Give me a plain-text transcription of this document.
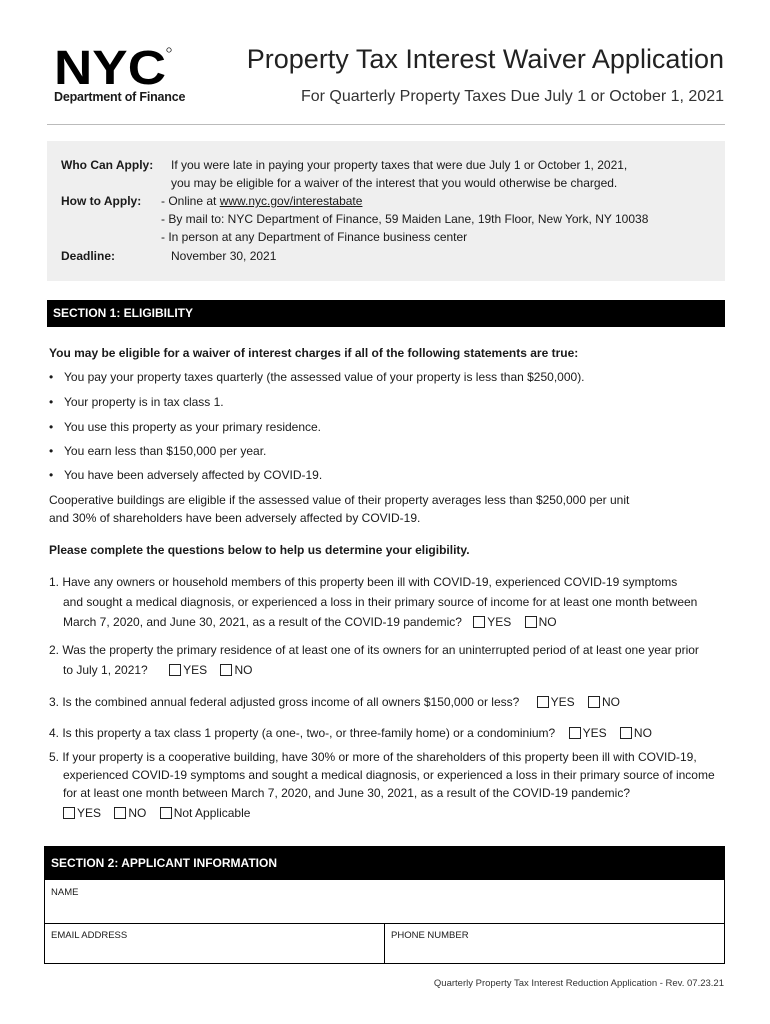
NYC
Department of Finance
Property Tax Interest Waiver Application
For Quarterly Property Taxes Due July 1 or October 1, 2021
Who Can Apply: If you were late in paying your property taxes that were due July 1 or October 1, 2021,
you may be eligible for a waiver of the interest that you would otherwise be charged.
How to Apply: - Online at www.nyc.gov/interestabate
- By mail to: NYC Department of Finance, 59 Maiden Lane, 19th Floor, New York, NY 10038
- In person at any Department of Finance business center
Deadline:	November 30, 2021
SECTION 1: ELIGIBILITY
You may be eligible for a waiver of interest charges if all of the following statements are true:
• You pay your property taxes quarterly (the assessed value of your property is less than $250,000).
• Your property is in tax class 1.
• You use this property as your primary residence.
• You earn less than $150,000 per year.
• You have been adversely affected by COVID-19.
Cooperative buildings are eligible if the assessed value of their property averages less than $250,000 per unit
and 30% of shareholders have been adversely affected by COVID-19.
Please complete the questions below to help us determine your eligibility.
1. Have any owners or household members of this property been ill with COVID-19, experienced COVID-19 symptoms
and sought a medical diagnosis, or experienced a loss in their primary source of income for at least one month between
March 7, 2020, and June 30, 2021, as a result of the COVID-19 pandemic? YES NO
2. Was the property the primary residence of at least one of its owners for an uninterrupted period of at least one year prior
to July 1, 2021?	YES NO
3. Is the combined annual federal adjusted gross income of all owners $150,000 or less?	YES NO
4. Is this property a tax class 1 property (a one-, two-, or three-family home) or a condominium? YES NO
5. If your property is a cooperative building, have 30% or more of the shareholders of this property been ill with COVID-19,
experienced COVID-19 symptoms and sought a medical diagnosis, or experienced a loss in their primary source of income
for at least one month between March 7, 2020, and June 30, 2021, as a result of the COVID-19 pandemic?
YES NO Not Applicable
SECTION 2: APPLICANT INFORMATION
NAME
EMAIL ADDRESS	PHONE NUMBER
Quarterly Property Tax Interest Reduction Application - Rev. 07.23.21
